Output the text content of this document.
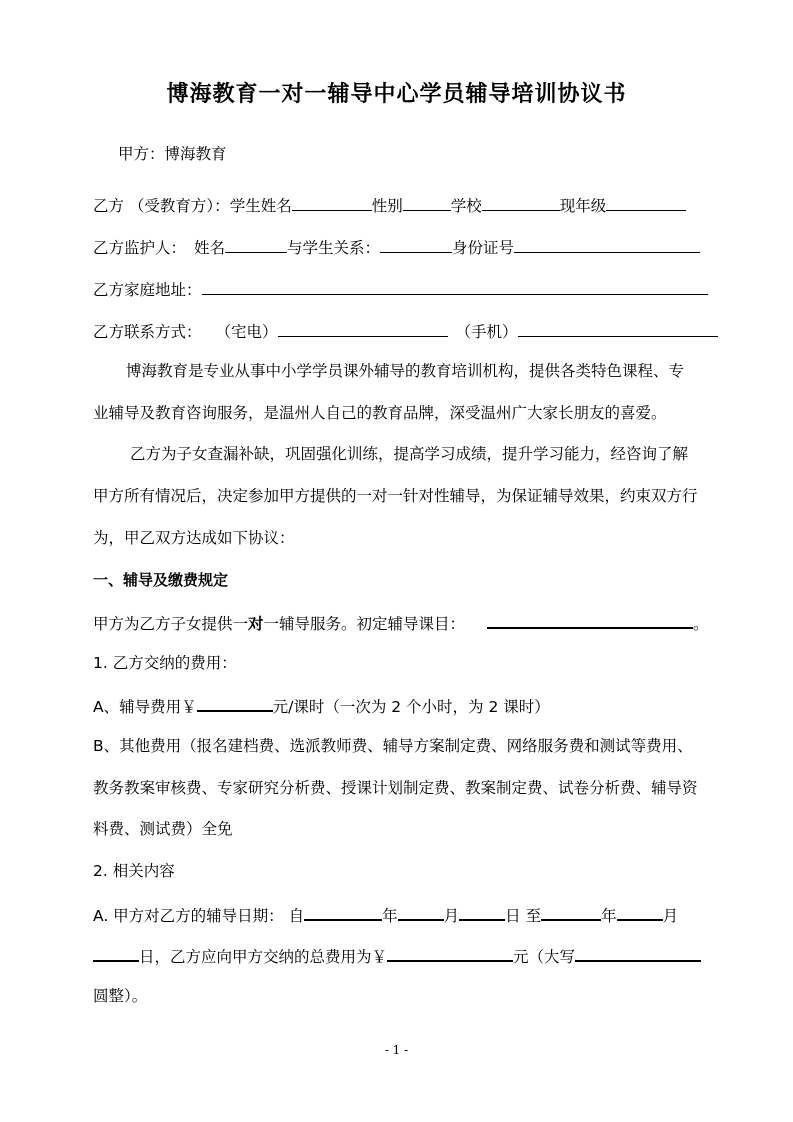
博海教育一对一辅导中心学员辅导培训协议书
甲方：博海教育
乙方 （受教育方）：学生姓名	性别	学校	现年级
乙方监护人： 姓名	与学生关系：	身份证号
乙方家庭地址：
乙方联系方式： （宅电）	（手机）
博海教育是专业从事中小学学员课外辅导的教育培训机构，提供各类特色课程、专
业辅导及教育咨询服务，是温州人自己的教育品牌，深受温州广大家长朋友的喜爱。
乙方为子女查漏补缺，巩固强化训练，提高学习成绩，提升学习能力，经咨询了解
甲方所有情况后，决定参加甲方提供的一对一针对性辅导，为保证辅导效果，约束双方行
为，甲乙双方达成如下协议：
一、辅导及缴费规定
甲方为乙方子女提供一对一辅导服务。初定辅导课目：	。
1. 乙方交纳的费用：
A、辅导费用￥	元/课时（一次为 2 个小时，为 2 课时）
B、其他费用（报名建档费、选派教师费、辅导方案制定费、网络服务费和测试等费用、
教务教案审核费、专家研究分析费、授课计划制定费、教案制定费、试卷分析费、辅导资
料费、测试费）全免
2. 相关内容
A. 甲方对乙方的辅导日期： 自	年	月	日 至	年	月
日，乙方应向甲方交纳的总费用为￥	元（大写
圆整）。
- 1 -
